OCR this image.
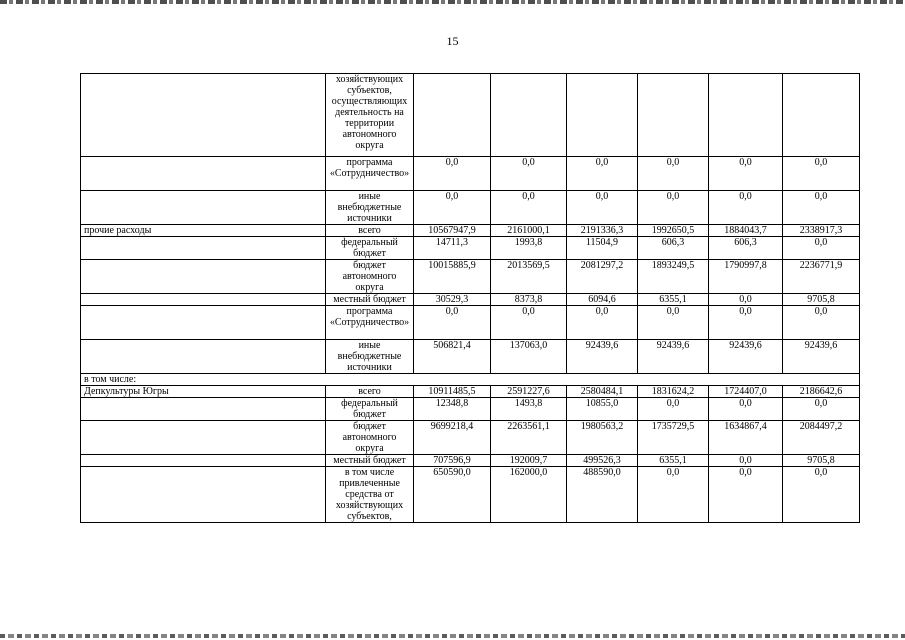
15
	хозяйствующих субъектов, осуществляющих деятельность на территории автономного округа						
	программа «Сотрудничество»	0,0	0,0	0,0	0,0	0,0	0,0
	иные внебюджетные источники	0,0	0,0	0,0	0,0	0,0	0,0
прочие расходы	всего	10567947,9	2161000,1	2191336,3	1992650,5	1884043,7	2338917,3
	федеральный бюджет	14711,3	1993,8	11504,9	606,3	606,3	0,0
	бюджет автономного округа	10015885,9	2013569,5	2081297,2	1893249,5	1790997,8	2236771,9
	местный бюджет	30529,3	8373,8	6094,6	6355,1	0,0	9705,8
	программа «Сотрудничество»	0,0	0,0	0,0	0,0	0,0	0,0
	иные внебюджетные источники	506821,4	137063,0	92439,6	92439,6	92439,6	92439,6
в том числе:							
Депкультуры Югры	всего	10911485,5	2591227,6	2580484,1	1831624,2	1724407,0	2186642,6
	федеральный бюджет	12348,8	1493,8	10855,0	0,0	0,0	0,0
	бюджет автономного округа	9699218,4	2263561,1	1980563,2	1735729,5	1634867,4	2084497,2
	местный бюджет	707596,9	192009,7	499526,3	6355,1	0,0	9705,8
	в том числе привлеченные средства от хозяйствующих субъектов,	650590,0	162000,0	488590,0	0,0	0,0	0,0
